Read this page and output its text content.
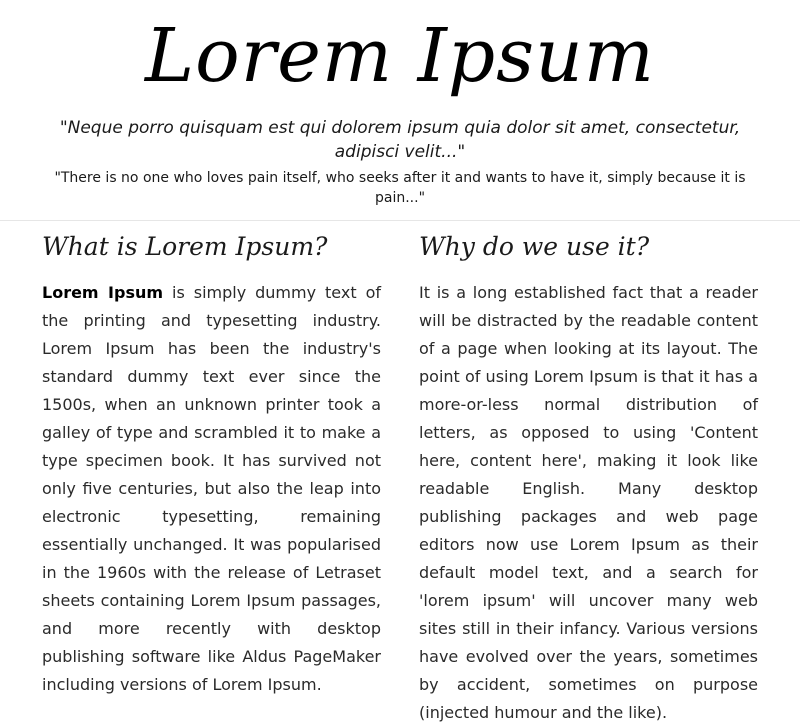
Lorem Ipsum

"Neque porro quisquam est qui dolorem ipsum quia dolor sit amet, consectetur, adipisci velit..."

"There is no one who loves pain itself, who seeks after it and wants to have it, simply because it is pain..."

What is Lorem Ipsum?

Lorem Ipsum is simply dummy text of the printing and typesetting industry. Lorem Ipsum has been the industry's standard dummy text ever since the 1500s, when an unknown printer took a galley of type and scrambled it to make a type specimen book. It has survived not only five centuries, but also the leap into electronic typesetting, remaining essentially unchanged. It was popularised in the 1960s with the release of Letraset sheets containing Lorem Ipsum passages, and more recently with desktop publishing software like Aldus PageMaker including versions of Lorem Ipsum.

Why do we use it?

It is a long established fact that a reader will be distracted by the readable content of a page when looking at its layout. The point of using Lorem Ipsum is that it has a more-or-less normal distribution of letters, as opposed to using 'Content here, content here', making it look like readable English. Many desktop publishing packages and web page editors now use Lorem Ipsum as their default model text, and a search for 'lorem ipsum' will uncover many web sites still in their infancy. Various versions have evolved over the years, sometimes by accident, sometimes on purpose (injected humour and the like).
